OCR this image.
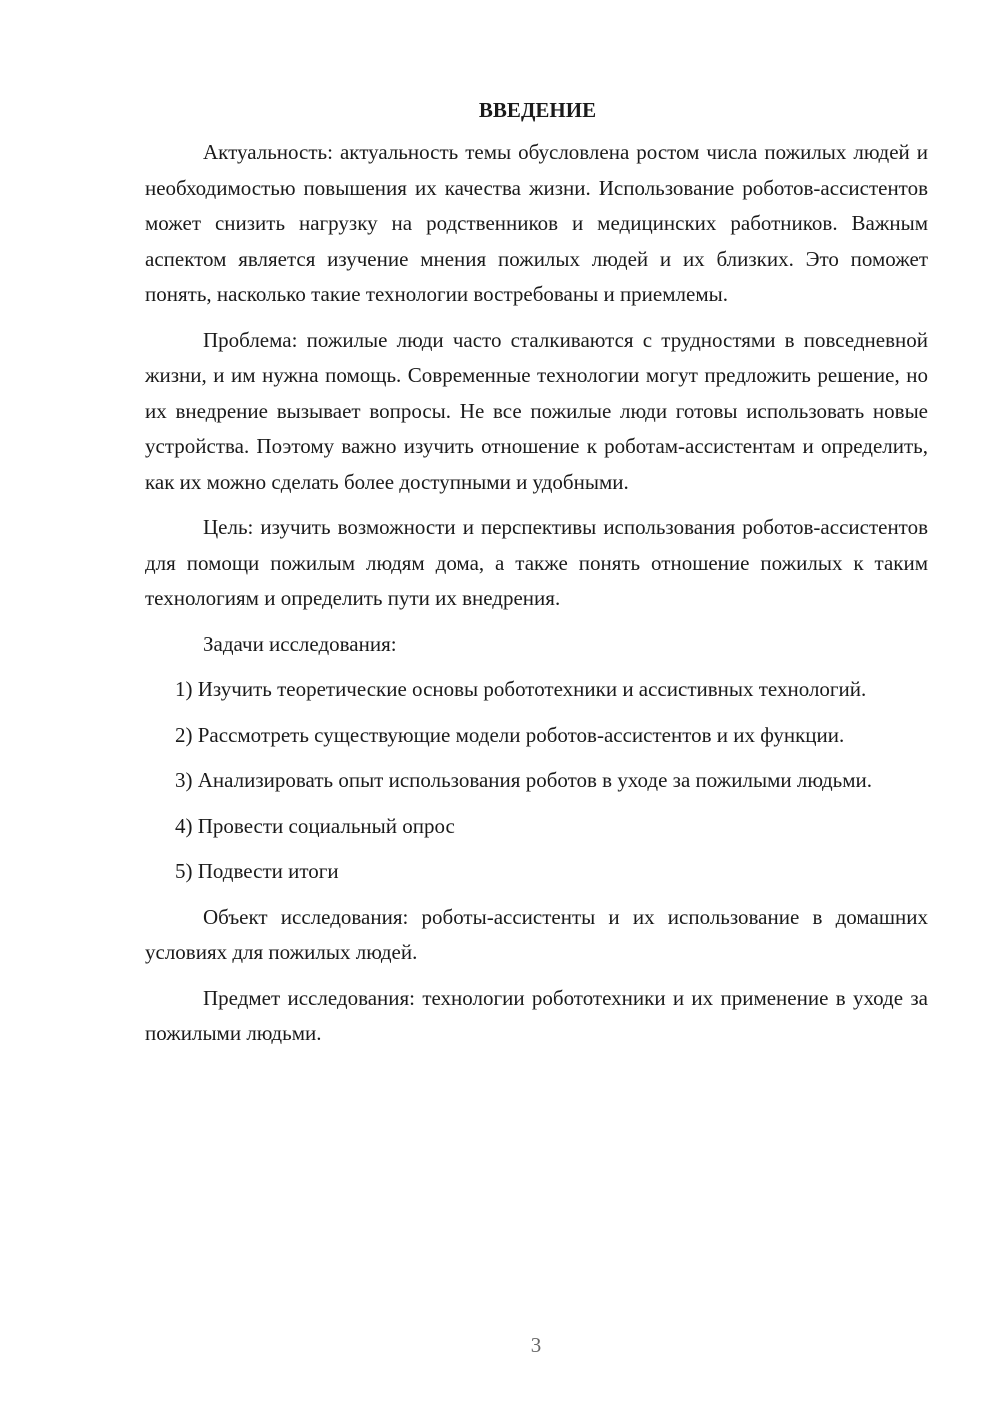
ВВЕДЕНИЕ

Актуальность: актуальность темы обусловлена ростом числа пожилых людей и необходимостью повышения их качества жизни. Использование роботов-ассистентов может снизить нагрузку на родственников и медицинских работников. Важным аспектом является изучение мнения пожилых людей и их близких. Это поможет понять, насколько такие технологии востребованы и приемлемы.

Проблема: пожилые люди часто сталкиваются с трудностями в повседневной жизни, и им нужна помощь. Современные технологии могут предложить решение, но их внедрение вызывает вопросы. Не все пожилые люди готовы использовать новые устройства. Поэтому важно изучить отношение к роботам-ассистентам и определить, как их можно сделать более доступными и удобными.

Цель: изучить возможности и перспективы использования роботов-ассистентов для помощи пожилым людям дома, а также понять отношение пожилых к таким технологиям и определить пути их внедрения.

Задачи исследования:

1) Изучить теоретические основы робототехники и ассистивных технологий.

2) Рассмотреть существующие модели роботов-ассистентов и их функции.

3) Анализировать опыт использования роботов в уходе за пожилыми людьми.

4) Провести социальный опрос

5) Подвести итоги

Объект исследования: роботы-ассистенты и их использование в домашних условиях для пожилых людей.

Предмет исследования: технологии робототехники и их применение в уходе за пожилыми людьми.

3
